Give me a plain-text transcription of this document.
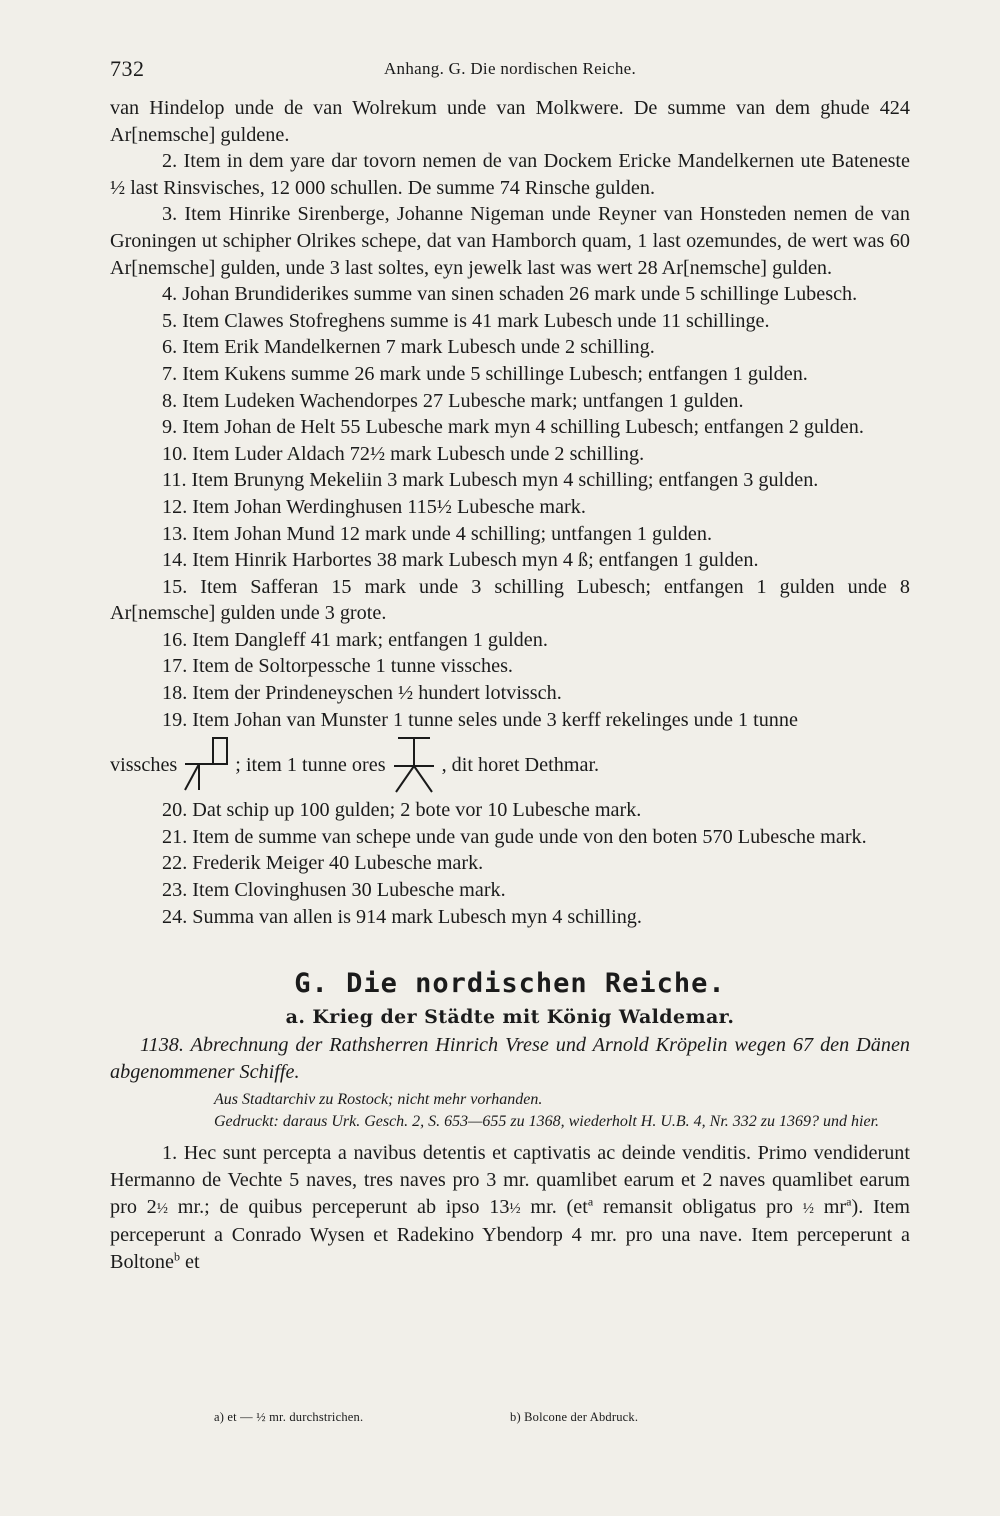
732	Anhang. G. Die nordischen Reiche.

van Hindelop unde de van Wolrekum unde van Molkwere. De summe van dem ghude 424 Ar[nemsche] guldene.

2. Item in dem yare dar tovorn nemen de van Dockem Ericke Mandelkernen ute Bateneste ½ last Rinsvisches, 12 000 schullen. De summe 74 Rinsche gulden.

3. Item Hinrike Sirenberge, Johanne Nigeman unde Reyner van Honsteden nemen de van Groningen ut schipher Olrikes schepe, dat van Hamborch quam, 1 last ozemundes, de wert was 60 Ar[nemsche] gulden, unde 3 last soltes, eyn jewelk last was wert 28 Ar[nemsche] gulden.

4. Johan Brundiderikes summe van sinen schaden 26 mark unde 5 schillinge Lubesch.

5. Item Clawes Stofreghens summe is 41 mark Lubesch unde 11 schillinge.

6. Item Erik Mandelkernen 7 mark Lubesch unde 2 schilling.

7. Item Kukens summe 26 mark unde 5 schillinge Lubesch; entfangen 1 gulden.

8. Item Ludeken Wachendorpes 27 Lubesche mark; untfangen 1 gulden.

9. Item Johan de Helt 55 Lubesche mark myn 4 schilling Lubesch; entfangen 2 gulden.

10. Item Luder Aldach 72½ mark Lubesch unde 2 schilling.

11. Item Brunyng Mekeliin 3 mark Lubesch myn 4 schilling; entfangen 3 gulden.

12. Item Johan Werdinghusen 115½ Lubesche mark.

13. Item Johan Mund 12 mark unde 4 schilling; untfangen 1 gulden.

14. Item Hinrik Harbortes 38 mark Lubesch myn 4 ß; entfangen 1 gulden.

15. Item Safferan 15 mark unde 3 schilling Lubesch; entfangen 1 gulden unde 8 Ar[nemsche] gulden unde 3 grote.

16. Item Dangleff 41 mark; entfangen 1 gulden.

17. Item de Soltorpessche 1 tunne vissches.

18. Item der Prindeneyschen ½ hundert lotvissch.

19. Item Johan van Munster 1 tunne seles unde 3 kerff rekelinges unde 1 tunne

vissches	; item 1 tunne ores	, dit horet Dethmar.

20. Dat schip up 100 gulden; 2 bote vor 10 Lubesche mark.

21. Item de summe van schepe unde van gude unde von den boten 570 Lubesche mark.

22. Frederik Meiger 40 Lubesche mark.

23. Item Clovinghusen 30 Lubesche mark.

24. Summa van allen is 914 mark Lubesch myn 4 schilling.

G. Die nordischen Reiche.
a. Krieg der Städte mit König Waldemar.

1138. Abrechnung der Rathsherren Hinrich Vrese und Arnold Kröpelin wegen 67 den Dänen abgenommener Schiffe.

Aus Stadtarchiv zu Rostock; nicht mehr vorhanden.

Gedruckt: daraus Urk. Gesch. 2, S. 653—655 zu 1368, wiederholt H. U.B. 4, Nr. 332 zu 1369? und hier.

1. Hec sunt percepta a navibus detentis et captivatis ac deinde venditis. Primo vendiderunt Hermanno de Vechte 5 naves, tres naves pro 3 mr. quamlibet earum et 2 naves quamlibet earum pro 2½ mr.; de quibus perceperunt ab ipso 13½ mr. ($et^a$ remansit obligatus pro ½ $mr^a$). Item perceperunt a Conrado Wysen et Radekino Ybendorp 4 mr. pro una nave. Item perceperunt a Boltone$^b$ et

a) et — ½ mr. durchstrichen.	b) Bolcone der Abdruck.
